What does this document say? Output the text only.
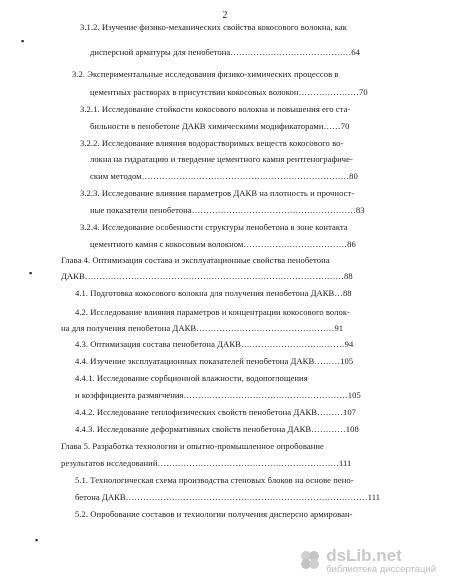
2
▪
▪
▪
3.1.2. Изучение физико-механических свойства кокосового волокна, как
дисперсной арматуры для пенобетона……………………………………64
3.2. Экспериментальные исследования физико-химических процессов в
цементных растворах в присутствии кокосовых волокон…………………70
3.2.1. Исследование стойкости кокосового волокна и повышения его ста-
бильности в пенобетоне ДАКВ химическими модификаторами……70
3.2.2. Исследование влияния водорастворимых веществ кокосового во-
локна на гидратацию и твердение цементного камня рентгенографиче-
ским методом………………………………………………………………80
3.2.3. Исследование влияния параметров ДАКВ на плотность и прочност-
ные показатели пенобетона…………………………………………………83
3.2.4. Исследование особенности структуры пенобетона в зоне контакта
цементного камня с кокосовым волокном………………………………86
Глава 4. Оптимизация состава и эксплуатационные свойства пенобетона
ДАКВ………………………………………………………………………………88
4.1. Подготовка кокосового волокна для получения пенобетона ДАКВ…88
4.2. Исследование влияния параметров и концентрации кокосового волок-
на для получения пенобетона ДАКВ…………………………………………91
4.3. Оптимизация состава пенобетона ДАКВ………………………………94
4.4. Изучение эксплуатационных показателей пенобетона ДАКВ………105
4.4.1. Исследование сорбционной влажности, водопоглощения
и коэффициента размягчения…………………………………………………105
4.4.2. Исследование теплофизических свойств пенобетона ДАКВ………107
4.4.3. Исследование деформативных свойств пенобетона ДАКВ…………108
Глава 5. Разработка технологии и опытно-промышленное опробование
результатов исследований………………………………………………………111
5.1. Технологическая схема производства стеновых блоков на основе пено-
бетона ДАКВ…………………………………………………………………………111
5.2. Опробование составов и технологии получения дисперсно армирован-
dsLib.net
библиотека диссертаций
